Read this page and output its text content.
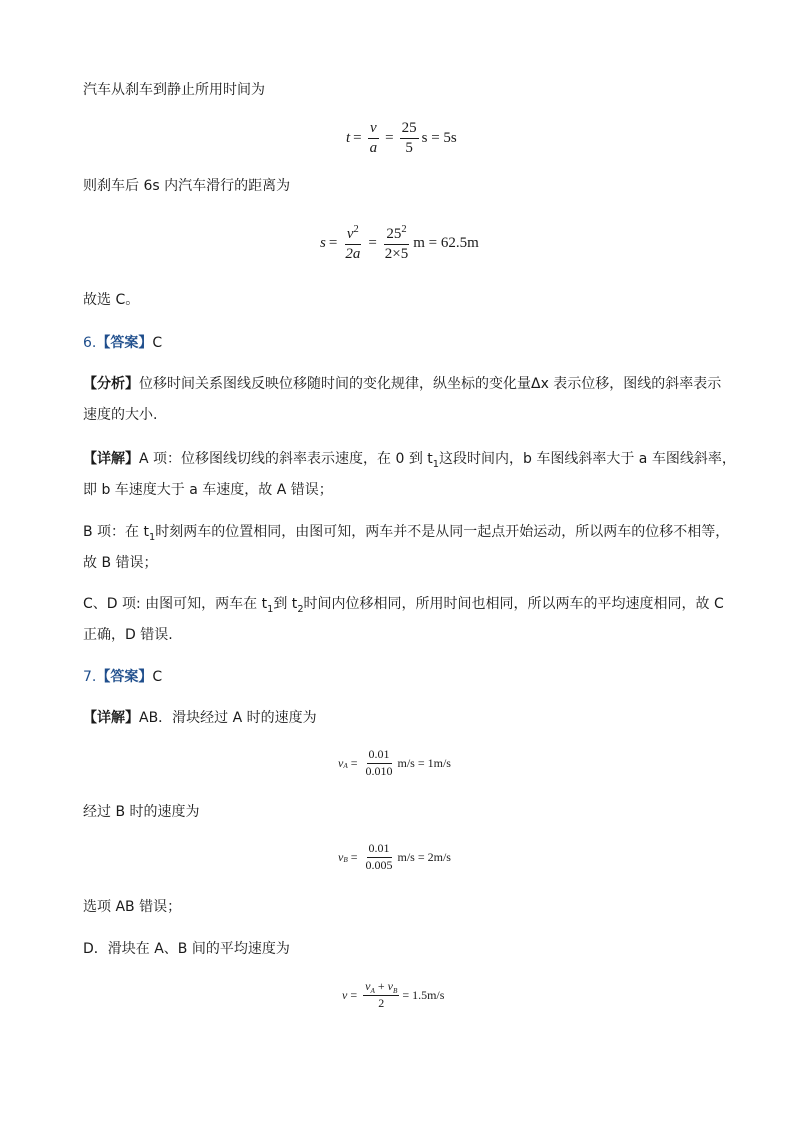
汽车从刹车到静止所用时间为
$t = \frac{v}{a} = \frac{25}{5}$ s = 5s
则刹车后 6s 内汽车滑行的距离为
$s = \frac{v^2}{2a} = \frac{25^2}{2\times 5}$ m = 62.5m
故选 C。
6.【答案】C
【分析】位移时间关系图线反映位移随时间的变化规律，纵坐标的变化量Δx 表示位移，图线的斜率表示
速度的大小.
【详解】A 项：位移图线切线的斜率表示速度，在 0 到 $t_1$这段时间内，b 车图线斜率大于 a 车图线斜率，
即 b 车速度大于 a 车速度，故 A 错误；
B 项：在 $t_1$时刻两车的位置相同，由图可知，两车并不是从同一起点开始运动，所以两车的位移不相等，
故 B 错误；
C、D 项: 由图可知，两车在 $t_1$到 $t_2$时间内位移相同，所用时间也相同，所以两车的平均速度相同，故 C
正确，D 错误.
7.【答案】C
【详解】AB．滑块经过 A 时的速度为
v $A = \frac{0.01}{0.010} m/s = 1m/s$
经过 B 时的速度为
v $B = \frac{0.01}{0.005} m/s = 2m/s$
选项 AB 错误；
D．滑块在 A、B 间的平均速度为
$v = \frac{v_A + v_B}{2} = 1.5m/s$
